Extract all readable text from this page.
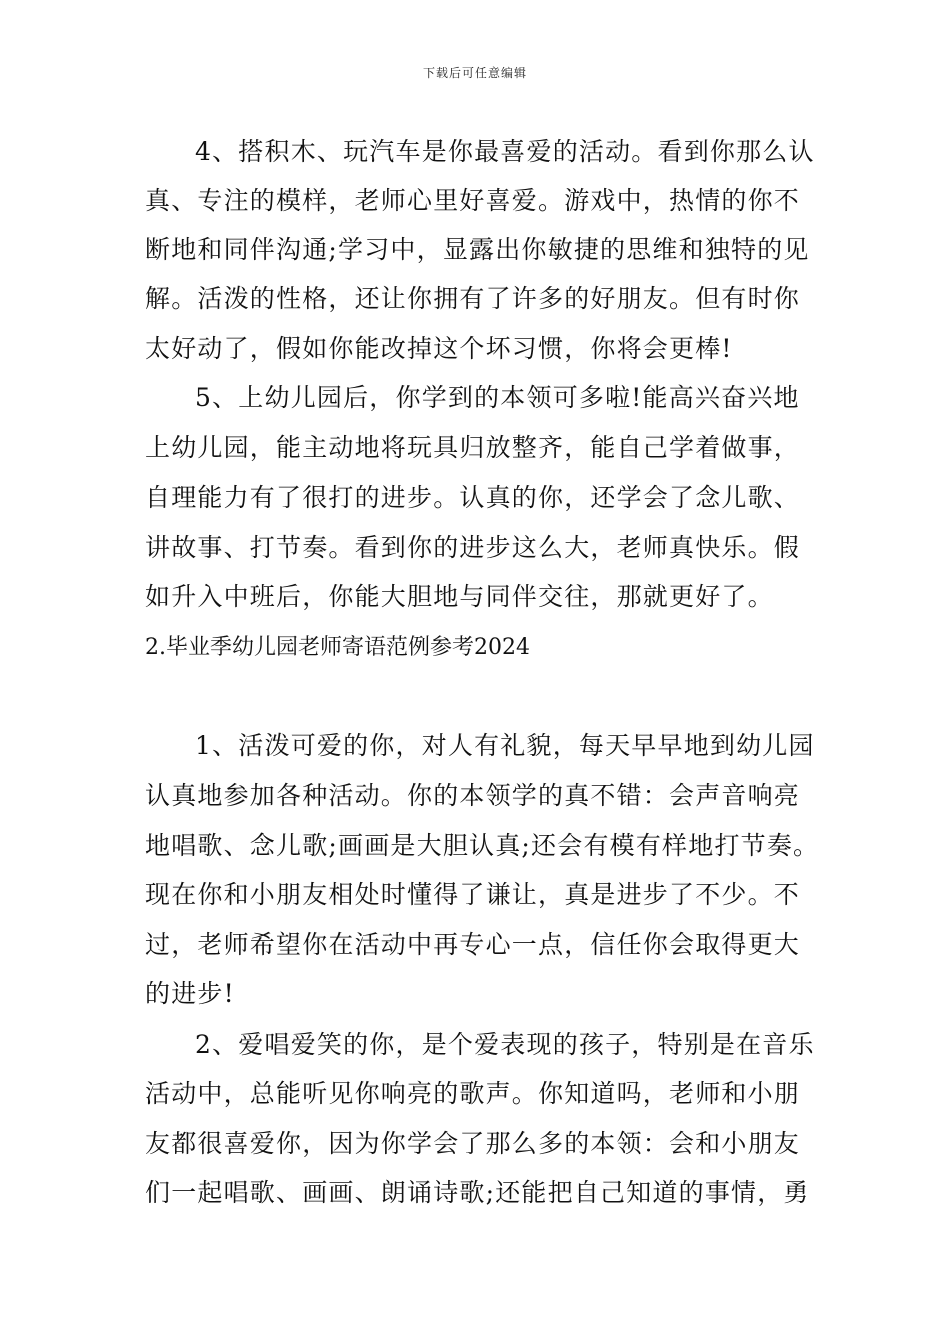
下载后可任意编辑
4、搭积木、玩汽车是你最喜爱的活动。看到你那么认
真、专注的模样，老师心里好喜爱。游戏中，热情的你不
断地和同伴沟通;学习中，显露出你敏捷的思维和独特的见
解。活泼的性格，还让你拥有了许多的好朋友。但有时你
太好动了，假如你能改掉这个坏习惯，你将会更棒!
5、上幼儿园后，你学到的本领可多啦!能高兴奋兴地
上幼儿园，能主动地将玩具归放整齐，能自己学着做事，
自理能力有了很打的进步。认真的你，还学会了念儿歌、
讲故事、打节奏。看到你的进步这么大，老师真快乐。假
如升入中班后，你能大胆地与同伴交往，那就更好了。
2.毕业季幼儿园老师寄语范例参考2024
1、活泼可爱的你，对人有礼貌，每天早早地到幼儿园
认真地参加各种活动。你的本领学的真不错：会声音响亮
地唱歌、念儿歌;画画是大胆认真;还会有模有样地打节奏。
现在你和小朋友相处时懂得了谦让，真是进步了不少。不
过，老师希望你在活动中再专心一点，信任你会取得更大
的进步!
2、爱唱爱笑的你，是个爱表现的孩子，特别是在音乐
活动中，总能听见你响亮的歌声。你知道吗，老师和小朋
友都很喜爱你，因为你学会了那么多的本领：会和小朋友
们一起唱歌、画画、朗诵诗歌;还能把自己知道的事情，勇
